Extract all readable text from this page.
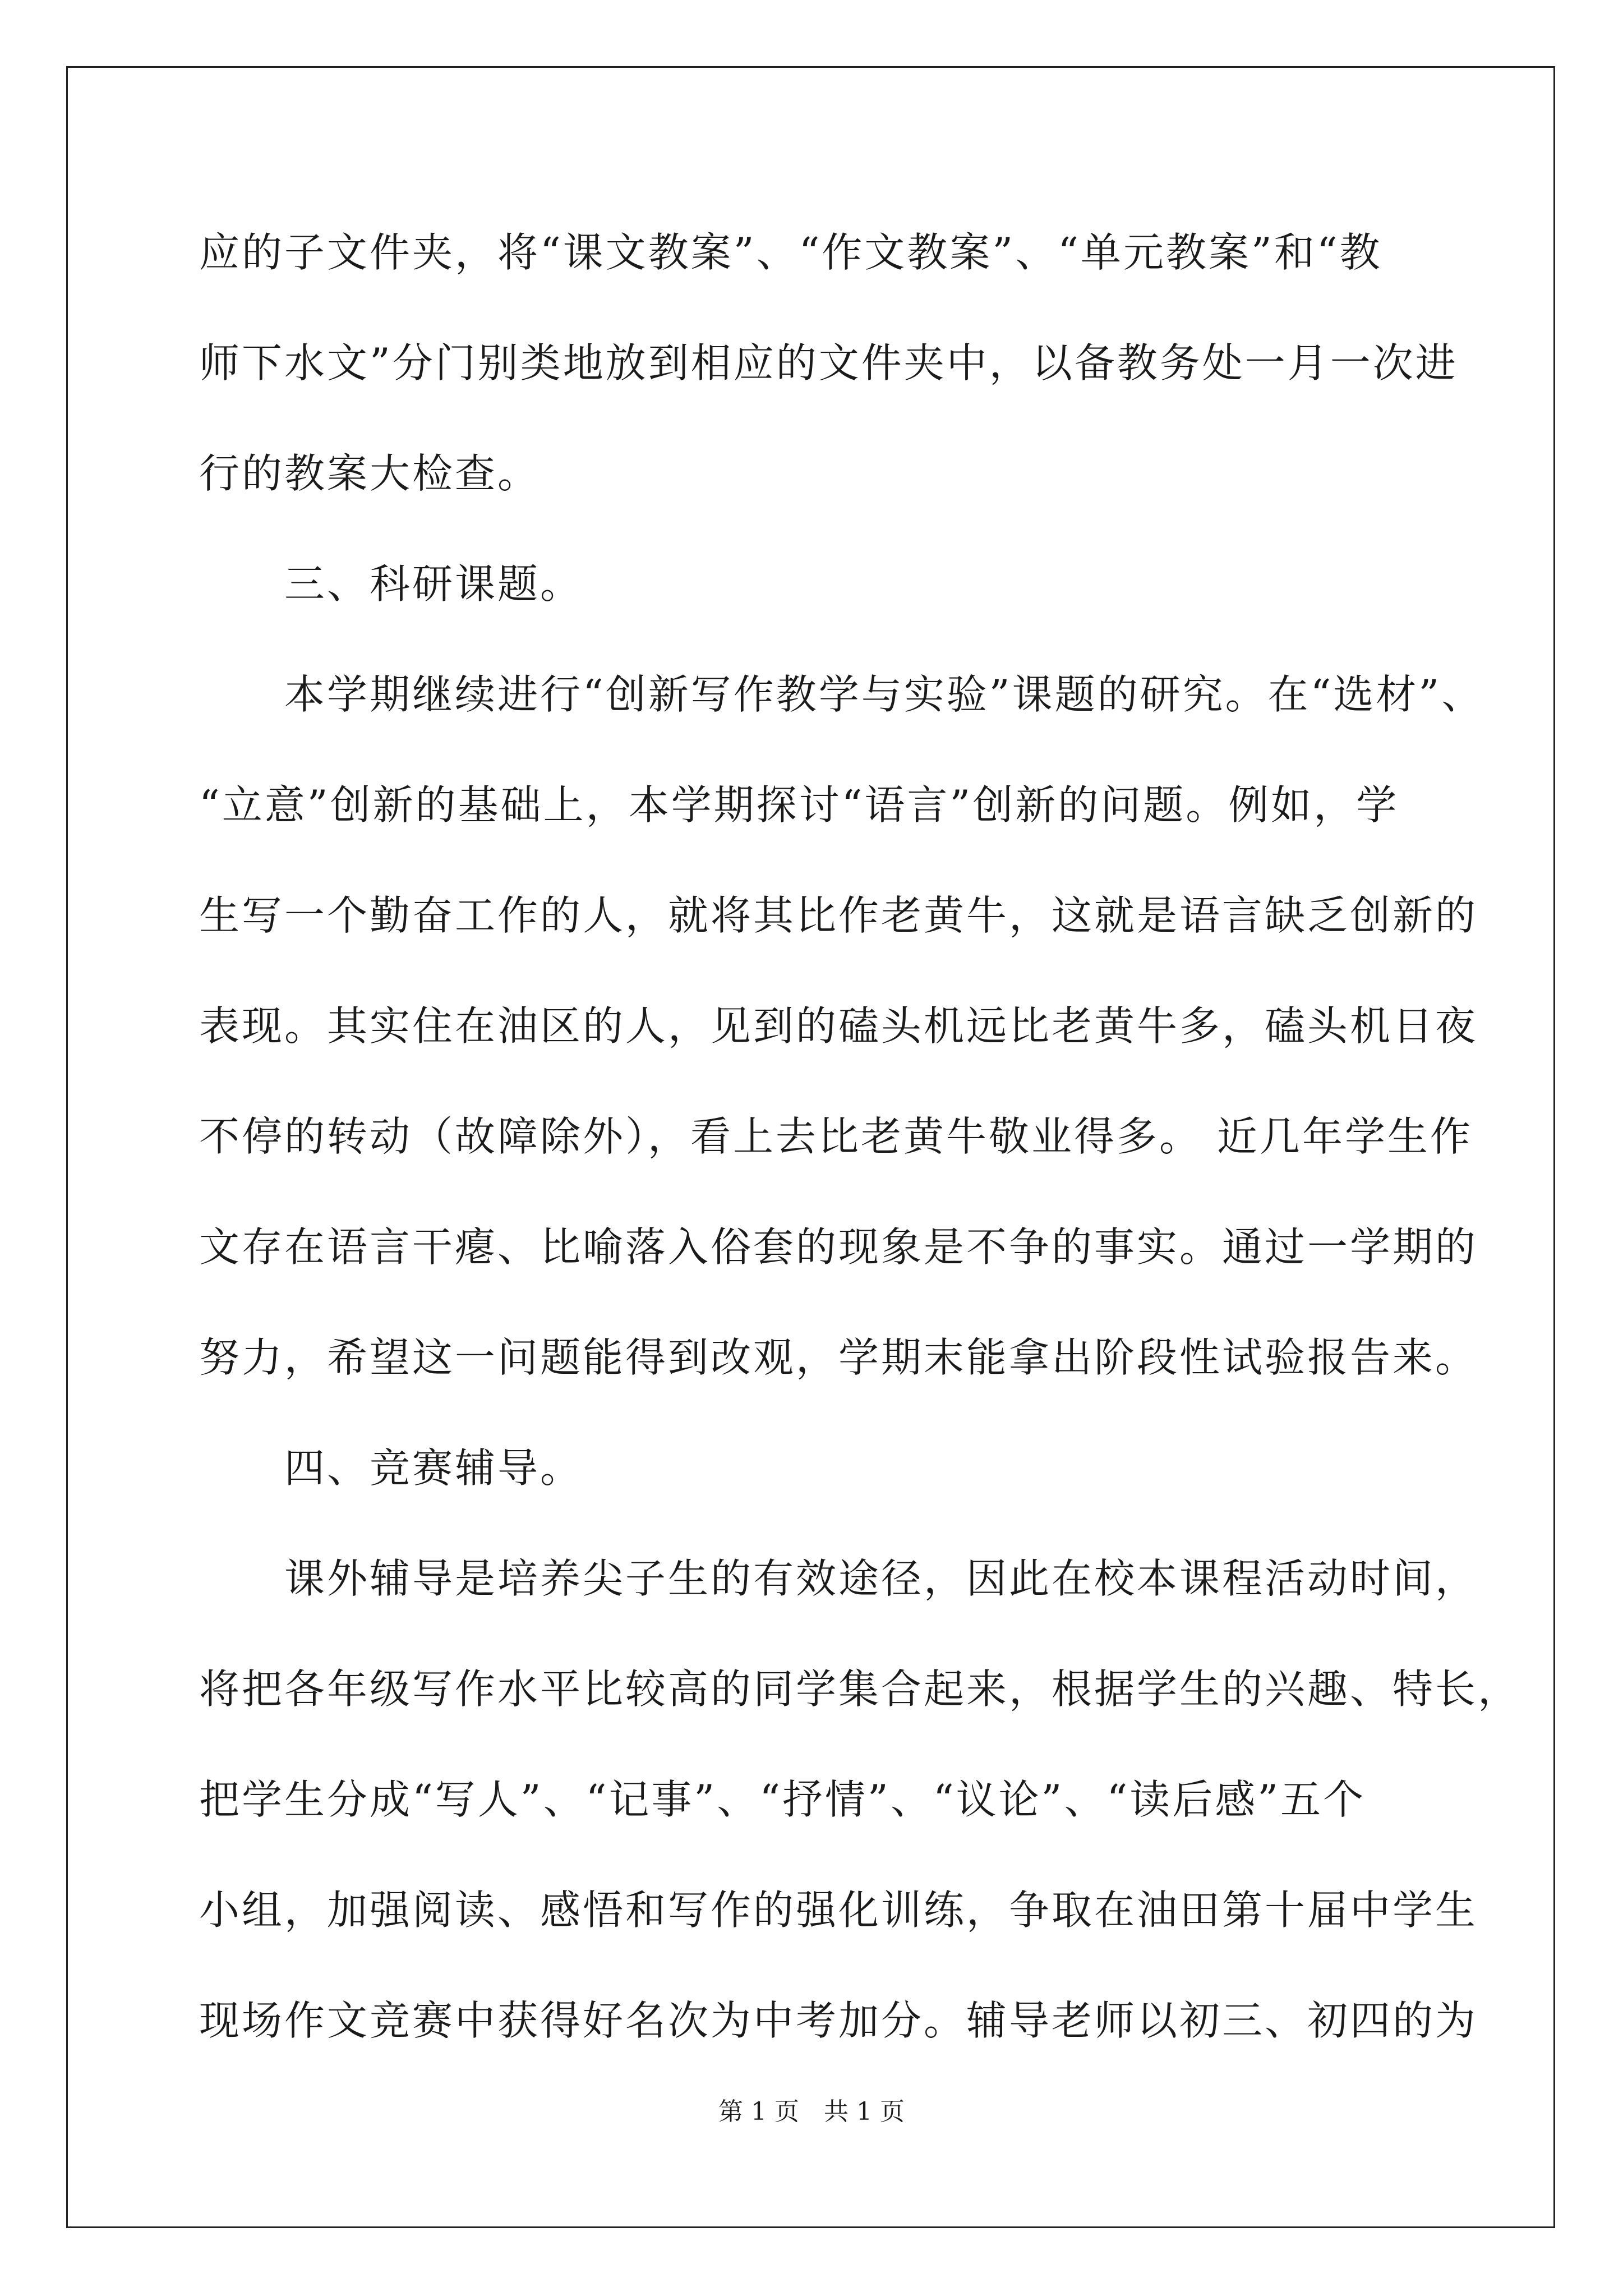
应的子文件夹，将“课文教案”、“作文教案”、“单元教案”和“教
师下水文”分门别类地放到相应的文件夹中，以备教务处一月一次进
行的教案大检查。
　　三、科研课题。
　　本学期继续进行“创新写作教学与实验”课题的研究。在“选材”、
“立意”创新的基础上，本学期探讨“语言”创新的问题。例如，学
生写一个勤奋工作的人，就将其比作老黄牛，这就是语言缺乏创新的
表现。其实住在油区的人，见到的磕头机远比老黄牛多，磕头机日夜
不停的转动（故障除外），看上去比老黄牛敬业得多。 近几年学生作
文存在语言干瘪、比喻落入俗套的现象是不争的事实。通过一学期的
努力，希望这一问题能得到改观，学期末能拿出阶段性试验报告来。
　　四、竞赛辅导。
　　课外辅导是培养尖子生的有效途径，因此在校本课程活动时间，
将把各年级写作水平比较高的同学集合起来，根据学生的兴趣、特长，
把学生分成“写人”、“记事”、“抒情”、“议论”、“读后感”五个
小组，加强阅读、感悟和写作的强化训练，争取在油田第十届中学生
现场作文竞赛中获得好名次为中考加分。辅导老师以初三、初四的为
第 1 页　共 1 页
